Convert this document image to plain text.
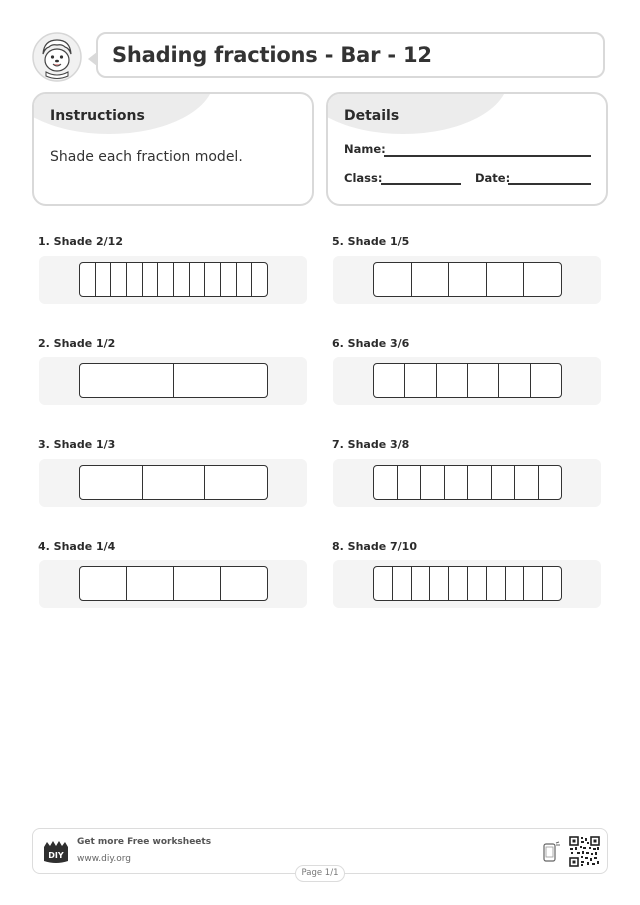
Shading fractions - Bar - 12
Instructions
Shade each fraction model.
Details
Name:
Class:	Date:
1. Shade 2/12
2. Shade 1/2
3. Shade 1/3
4. Shade 1/4
5. Shade 1/5
6. Shade 3/6
7. Shade 3/8
8. Shade 7/10
DIY
Get more Free worksheets
www.diy.org
Page 1/1
